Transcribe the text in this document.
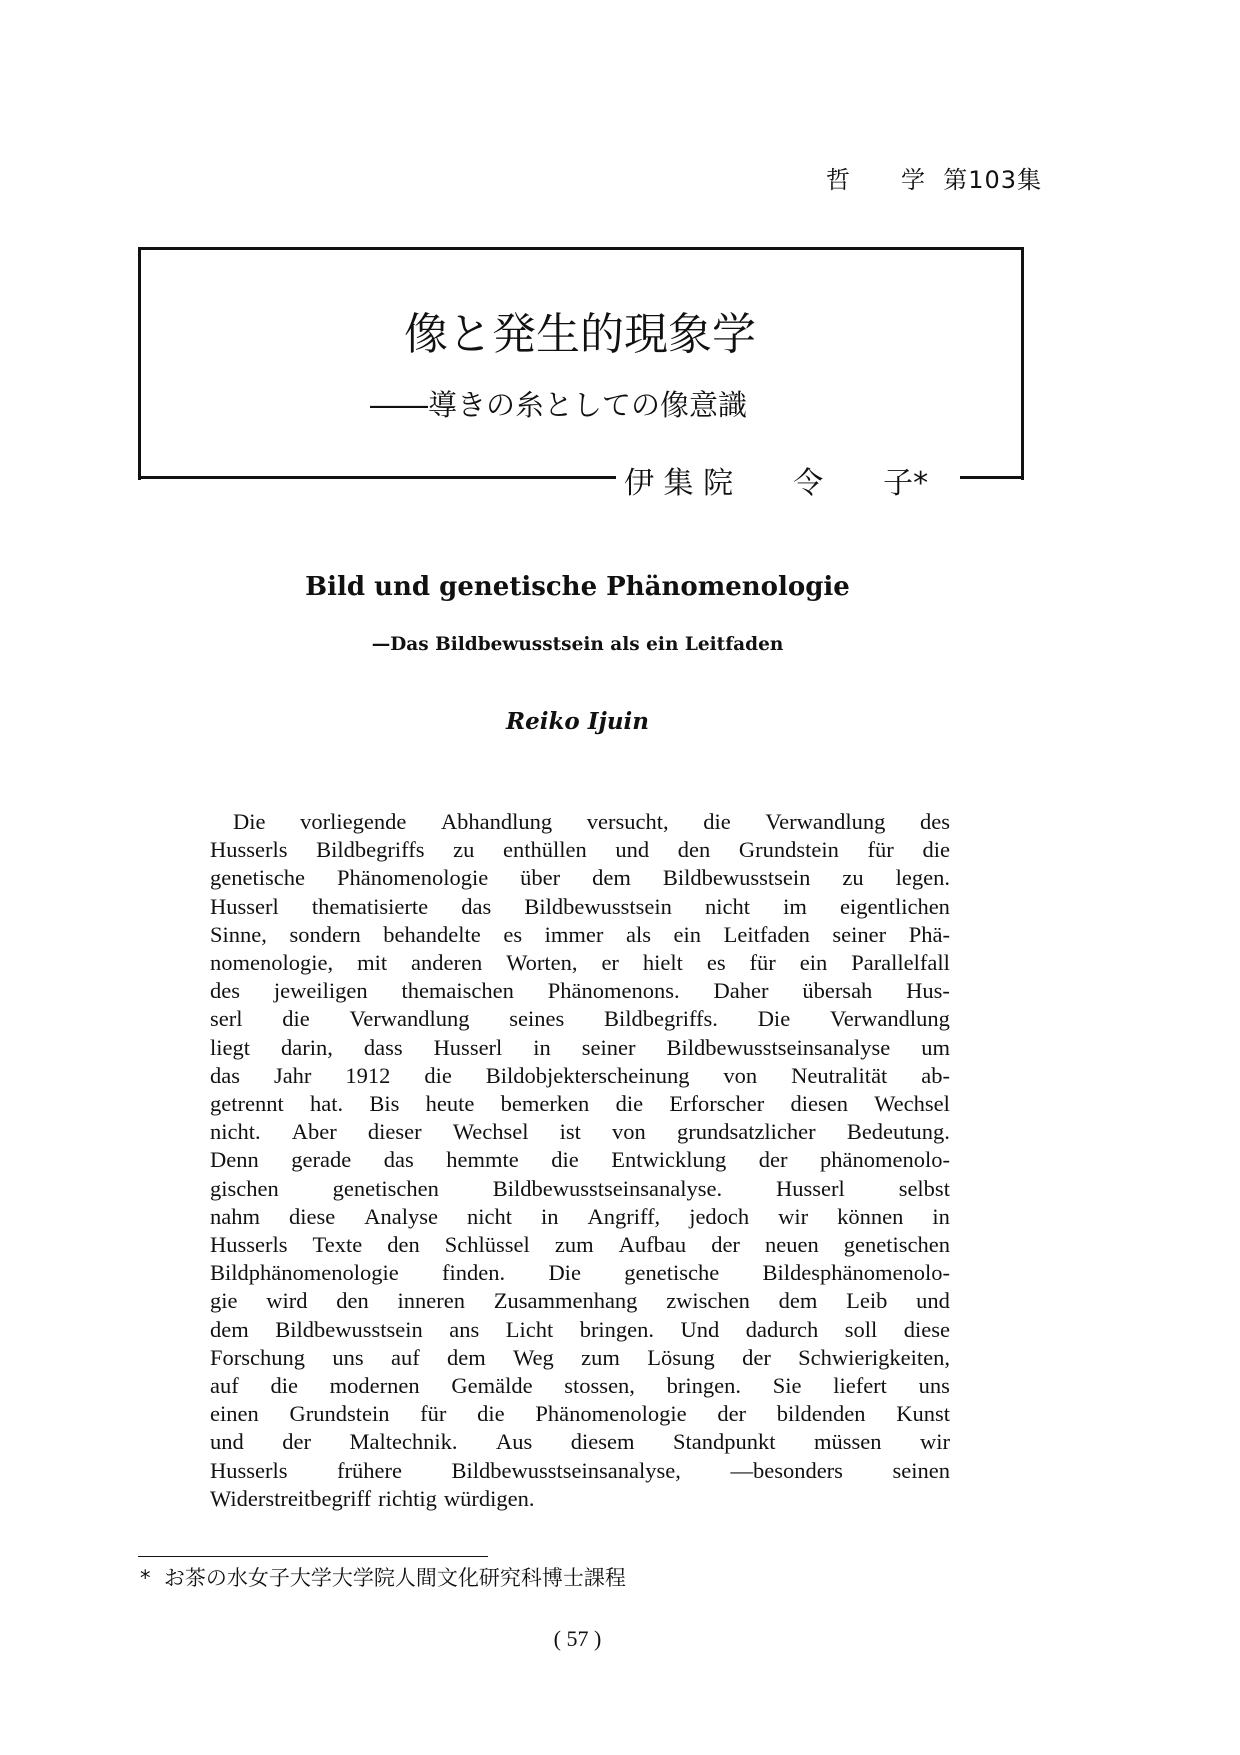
哲　　学  第103集
像と発生的現象学
――導きの糸としての像意識
伊 集 院　　令　　子*
Bild und genetische Phänomenologie
—Das Bildbewusstsein als ein Leitfaden
Reiko Ijuin
Die vorliegende Abhandlung versucht, die Verwandlung des
Husserls Bildbegriffs zu enthüllen und den Grundstein für die
genetische Phänomenologie über dem Bildbewusstsein zu legen.
Husserl thematisierte das Bildbewusstsein nicht im eigentlichen
Sinne, sondern behandelte es immer als ein Leitfaden seiner Phä-
nomenologie, mit anderen Worten, er hielt es für ein Parallelfall
des jeweiligen themaischen Phänomenons. Daher übersah Hus-
serl die Verwandlung seines Bildbegriffs. Die Verwandlung
liegt darin, dass Husserl in seiner Bildbewusstseinsanalyse um
das Jahr 1912 die Bildobjekterscheinung von Neutralität ab-
getrennt hat. Bis heute bemerken die Erforscher diesen Wechsel
nicht. Aber dieser Wechsel ist von grundsatzlicher Bedeutung.
Denn gerade das hemmte die Entwicklung der phänomenolo-
gischen genetischen Bildbewusstseinsanalyse. Husserl selbst
nahm diese Analyse nicht in Angriff, jedoch wir können in
Husserls Texte den Schlüssel zum Aufbau der neuen genetischen
Bildphänomenologie finden. Die genetische Bildesphänomenolo-
gie wird den inneren Zusammenhang zwischen dem Leib und
dem Bildbewusstsein ans Licht bringen. Und dadurch soll diese
Forschung uns auf dem Weg zum Lösung der Schwierigkeiten,
auf die modernen Gemälde stossen, bringen. Sie liefert uns
einen Grundstein für die Phänomenologie der bildenden Kunst
und der Maltechnik. Aus diesem Standpunkt müssen wir
Husserls frühere Bildbewusstseinsanalyse, —besonders seinen
Widerstreitbegriff richtig würdigen.
*  お茶の水女子大学大学院人間文化研究科博士課程
( 57 )
